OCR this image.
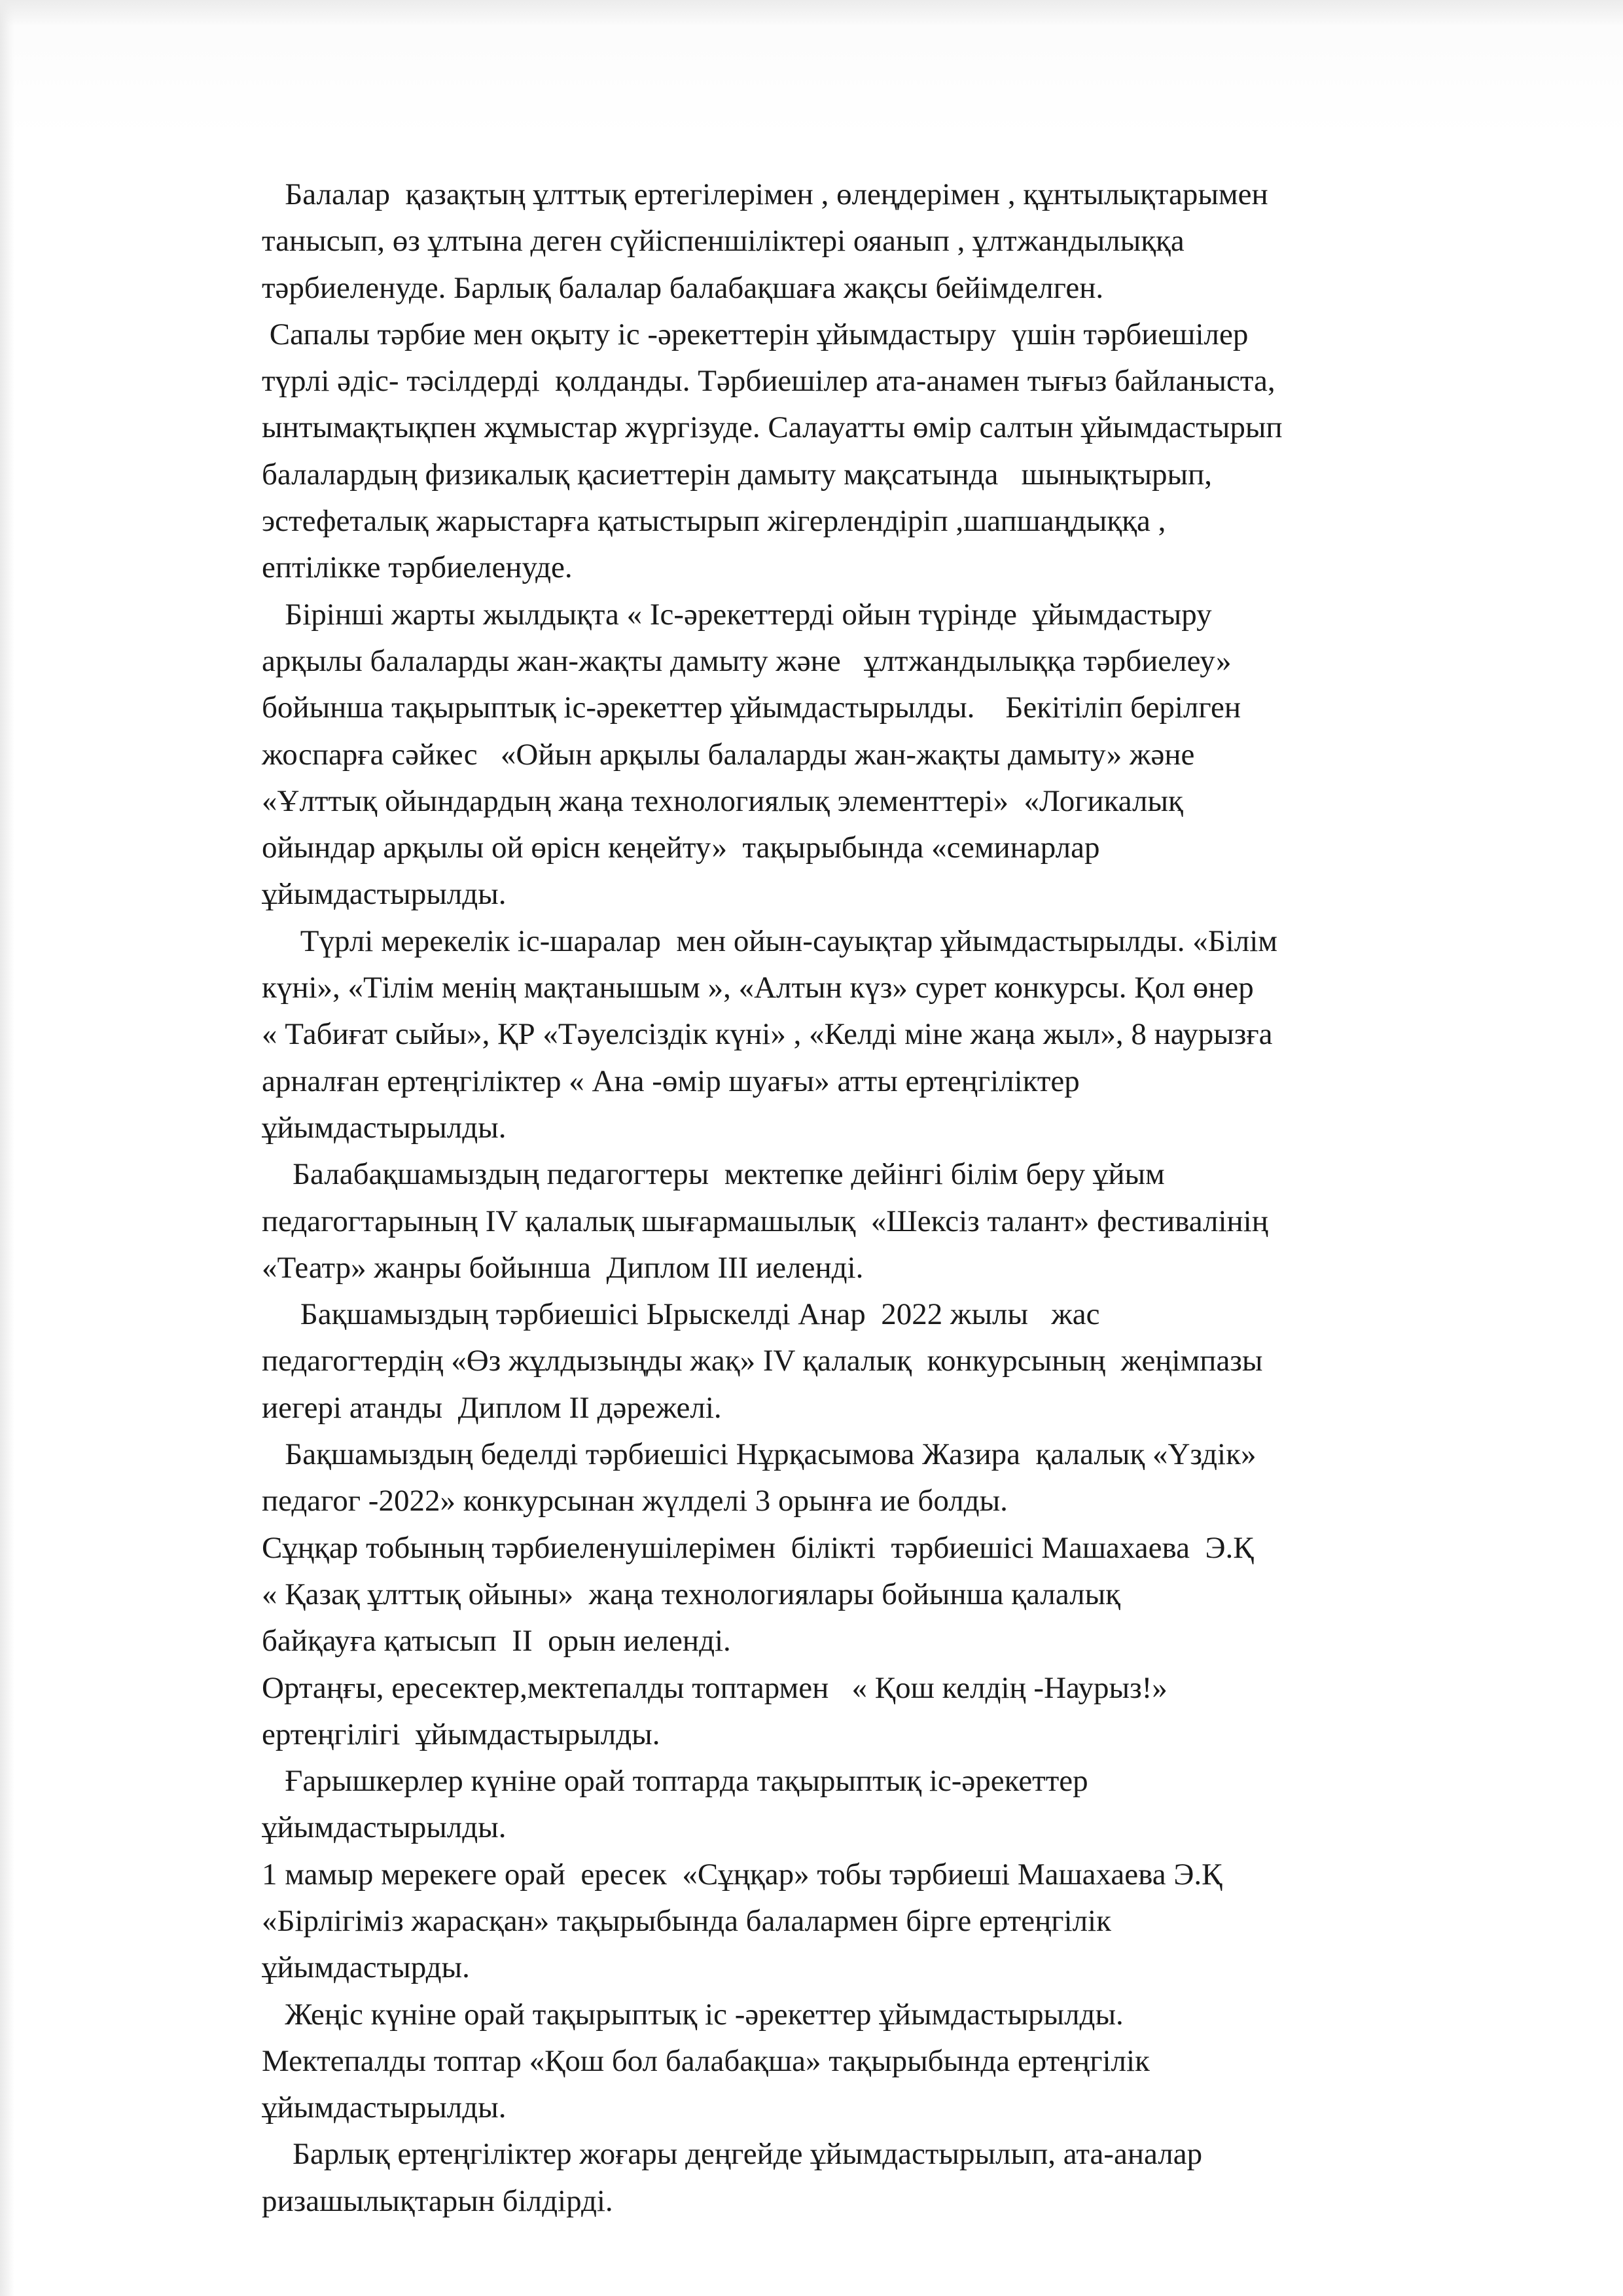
Балалар  қазақтың ұлттық ертегілерімен , өлеңдерімен , құнтылықтарымен
танысып, өз ұлтына деген сүйіспеншіліктері ояанып , ұлтжандылыққа
тәрбиеленуде. Барлық балалар балабақшаға жақсы бейімделген.
Сапалы тәрбие мен оқыту іс -әрекеттерін ұйымдастыру  үшін тәрбиешілер
түрлі әдіс- тәсілдерді  қолданды. Тәрбиешілер ата-анамен тығыз байланыста,
ынтымақтықпен жұмыстар жүргізуде. Салауатты өмір салтын ұйымдастырып
балалардың физикалық қасиеттерін дамыту мақсатында   шынықтырып,
эстефеталық жарыстарға қатыстырып жігерлендіріп ,шапшаңдыққа ,
ептілікке тәрбиеленуде.
Бірінші жарты жылдықта « Іс-әрекеттерді ойын түрінде  ұйымдастыру
арқылы балаларды жан-жақты дамыту және   ұлтжандылыққа тәрбиелеу»
бойынша тақырыптық іс-әрекеттер ұйымдастырылды.    Бекітіліп берілген
жоспарға сәйкес   «Ойын арқылы балаларды жан-жақты дамыту» және
«Ұлттық ойындардың жаңа технологиялық элементтері»  «Логикалық
ойындар арқылы ой өрісн кеңейту»  тақырыбында «семинарлар
ұйымдастырылды.
Түрлі мерекелік іс-шаралар  мен ойын-сауықтар ұйымдастырылды. «Білім
күні», «Тілім менің мақтанышым », «Алтын күз» сурет конкурсы. Қол өнер
« Табиғат сыйы», ҚР «Тәуелсіздік күні» , «Келді міне жаңа жыл», 8 наурызға
арналған ертеңгіліктер « Ана -өмір шуағы» атты ертеңгіліктер
ұйымдастырылды.
Балабақшамыздың педагогтеры  мектепке дейінгі білім беру ұйым
педагогтарының IV қалалық шығармашылық  «Шексіз талант» фестивалінің
«Театр» жанры бойынша  Диплом ІІІ иеленді.
Бақшамыздың тәрбиешісі Ырыскелді Анар  2022 жылы   жас
педагогтердің «Өз жұлдызыңды жақ» IV қалалық  конкурсының  жеңімпазы
иегері атанды  Диплом ІІ дәрежелі.
Бақшамыздың беделді тәрбиешісі Нұрқасымова Жазира  қалалық «Үздік»
педагог -2022» конкурсынан жүлделі 3 орынға ие болды.
Сұңқар тобының тәрбиеленушілерімен  білікті  тәрбиешісі Машахаева  Э.Қ
« Қазақ ұлттық ойыны»  жаңа технологиялары бойынша қалалық
байқауға қатысып  ІІ  орын иеленді.
Ортаңғы, ересектер,мектепалды топтармен   « Қош келдің -Наурыз!»
ертеңгілігі  ұйымдастырылды.
Ғарышкерлер күніне орай топтарда тақырыптық іс-әрекеттер
ұйымдастырылды.
1 мамыр мерекеге орай  ересек  «Сұңқар» тобы тәрбиеші Машахаева Э.Қ
«Бірлігіміз жарасқан» тақырыбында балалармен бірге ертеңгілік
ұйымдастырды.
Жеңіс күніне орай тақырыптық іс -әрекеттер ұйымдастырылды.
Мектепалды топтар «Қош бол балабақша» тақырыбында ертеңгілік
ұйымдастырылды.
Барлық ертеңгіліктер жоғары деңгейде ұйымдастырылып, ата-аналар
ризашылықтарын білдірді.
